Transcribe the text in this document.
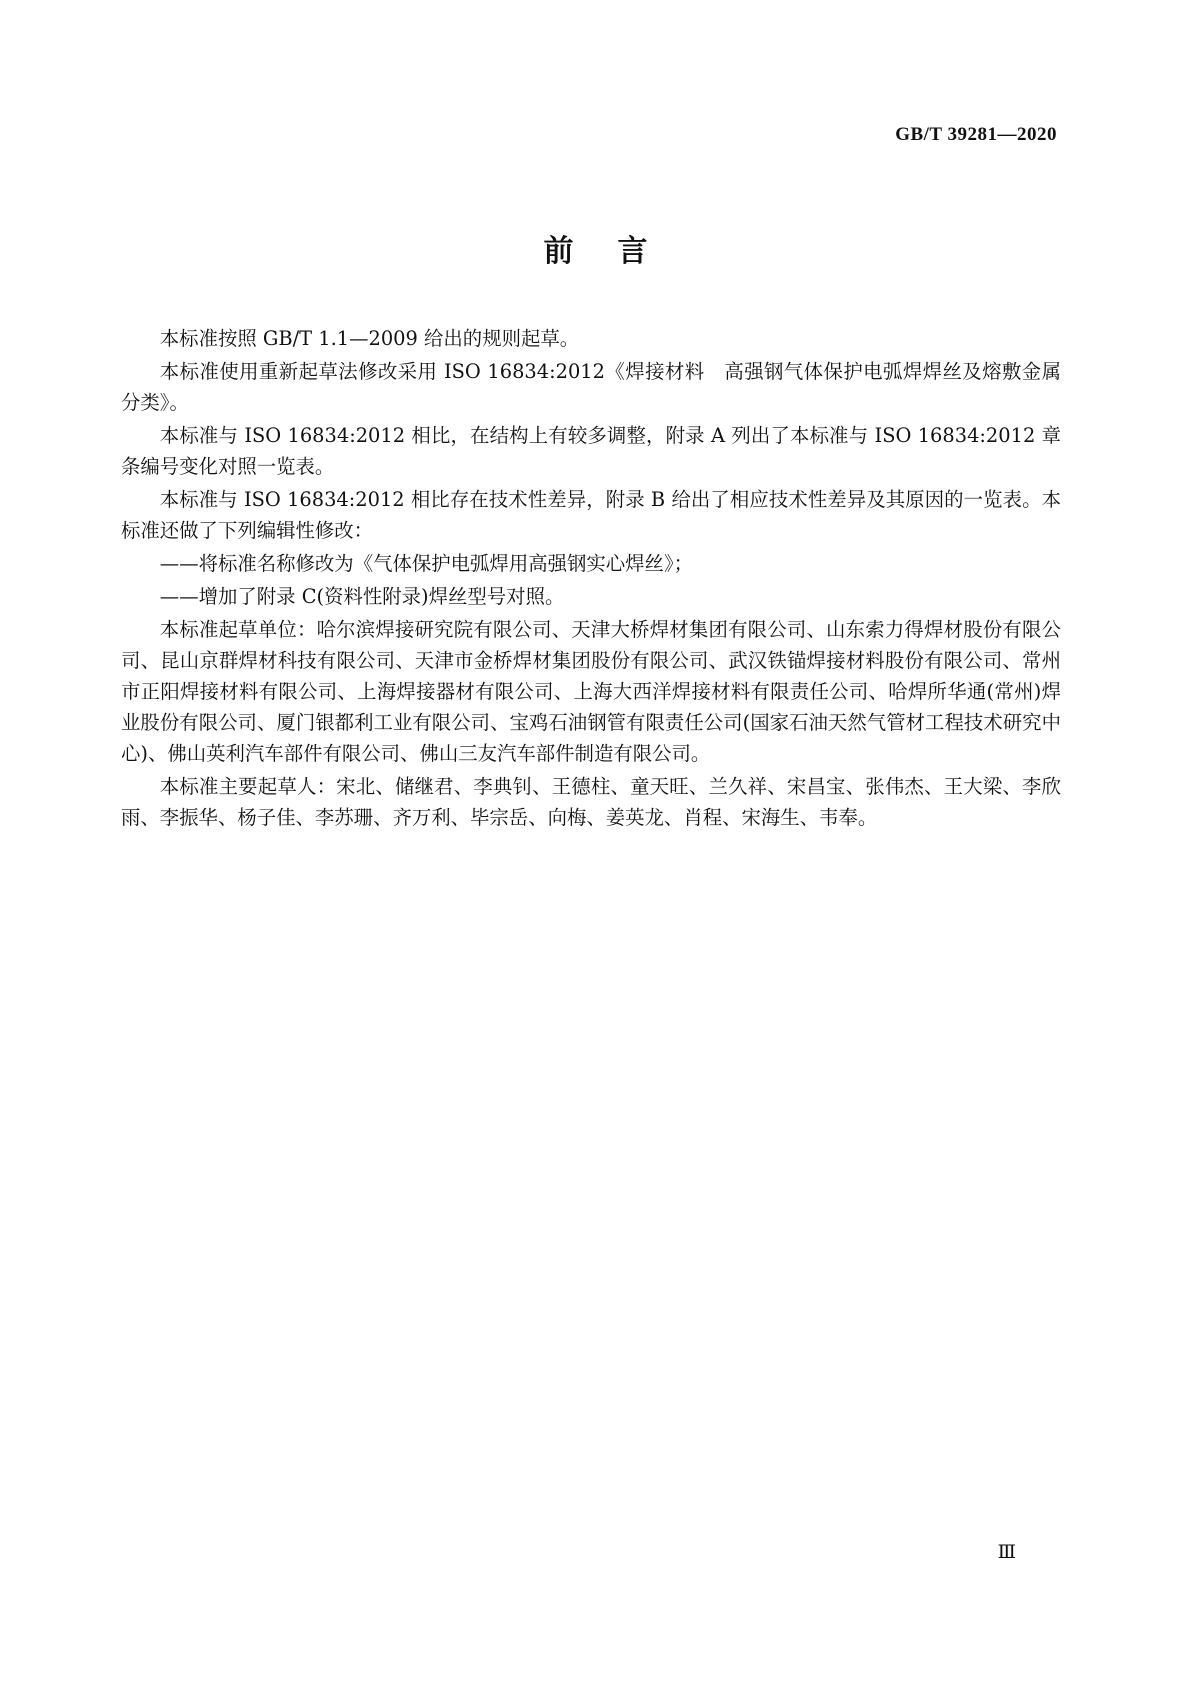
GB/T 39281—2020
前言

本标准按照 GB/T 1.1—2009 给出的规则起草。

本标准使用重新起草法修改采用 ISO 16834:2012《焊接材料　高强钢气体保护电弧焊焊丝及熔敷金属　分类》。

本标准与 ISO 16834:2012 相比，在结构上有较多调整，附录 A 列出了本标准与 ISO 16834:2012 章条编号变化对照一览表。

本标准与 ISO 16834:2012 相比存在技术性差异，附录 B 给出了相应技术性差异及其原因的一览表。本标准还做了下列编辑性修改：

——将标准名称修改为《气体保护电弧焊用高强钢实心焊丝》；

——增加了附录 C(资料性附录)焊丝型号对照。

本标准起草单位：哈尔滨焊接研究院有限公司、天津大桥焊材集团有限公司、山东索力得焊材股份有限公司、昆山京群焊材科技有限公司、天津市金桥焊材集团股份有限公司、武汉铁锚焊接材料股份有限公司、常州市正阳焊接材料有限公司、上海焊接器材有限公司、上海大西洋焊接材料有限责任公司、哈焊所华通(常州)焊业股份有限公司、厦门银都利工业有限公司、宝鸡石油钢管有限责任公司(国家石油天然气管材工程技术研究中心)、佛山英利汽车部件有限公司、佛山三友汽车部件制造有限公司。

本标准主要起草人：宋北、储继君、李典钊、王德柱、童天旺、兰久祥、宋昌宝、张伟杰、王大梁、李欣雨、李振华、杨子佳、李苏珊、齐万利、毕宗岳、向梅、姜英龙、肖程、宋海生、韦奉。

Ⅲ
